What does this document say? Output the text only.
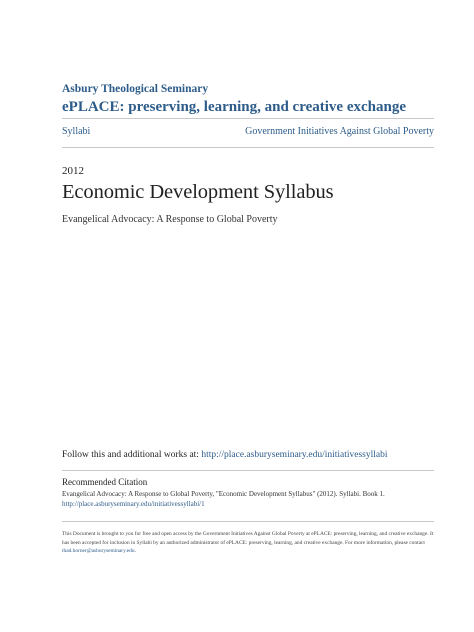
Asbury Theological Seminary
ePLACE: preserving, learning, and creative exchange
Syllabi	Government Initiatives Against Global Poverty
2012
Economic Development Syllabus
Evangelical Advocacy: A Response to Global Poverty
Follow this and additional works at: http://place.asburyseminary.edu/initiativessyllabi
Recommended Citation
Evangelical Advocacy: A Response to Global Poverty, "Economic Development Syllabus" (2012). Syllabi. Book 1.
http://place.asburyseminary.edu/initiativessyllabi/1
This Document is brought to you for free and open access by the Government Initiatives Against Global Poverty at ePLACE: preserving, learning, and creative exchange. It has been accepted for inclusion in Syllabi by an authorized administrator of ePLACE: preserving, learning, and creative exchange. For more information, please contact thad.horner@asburyseminary.edu.
